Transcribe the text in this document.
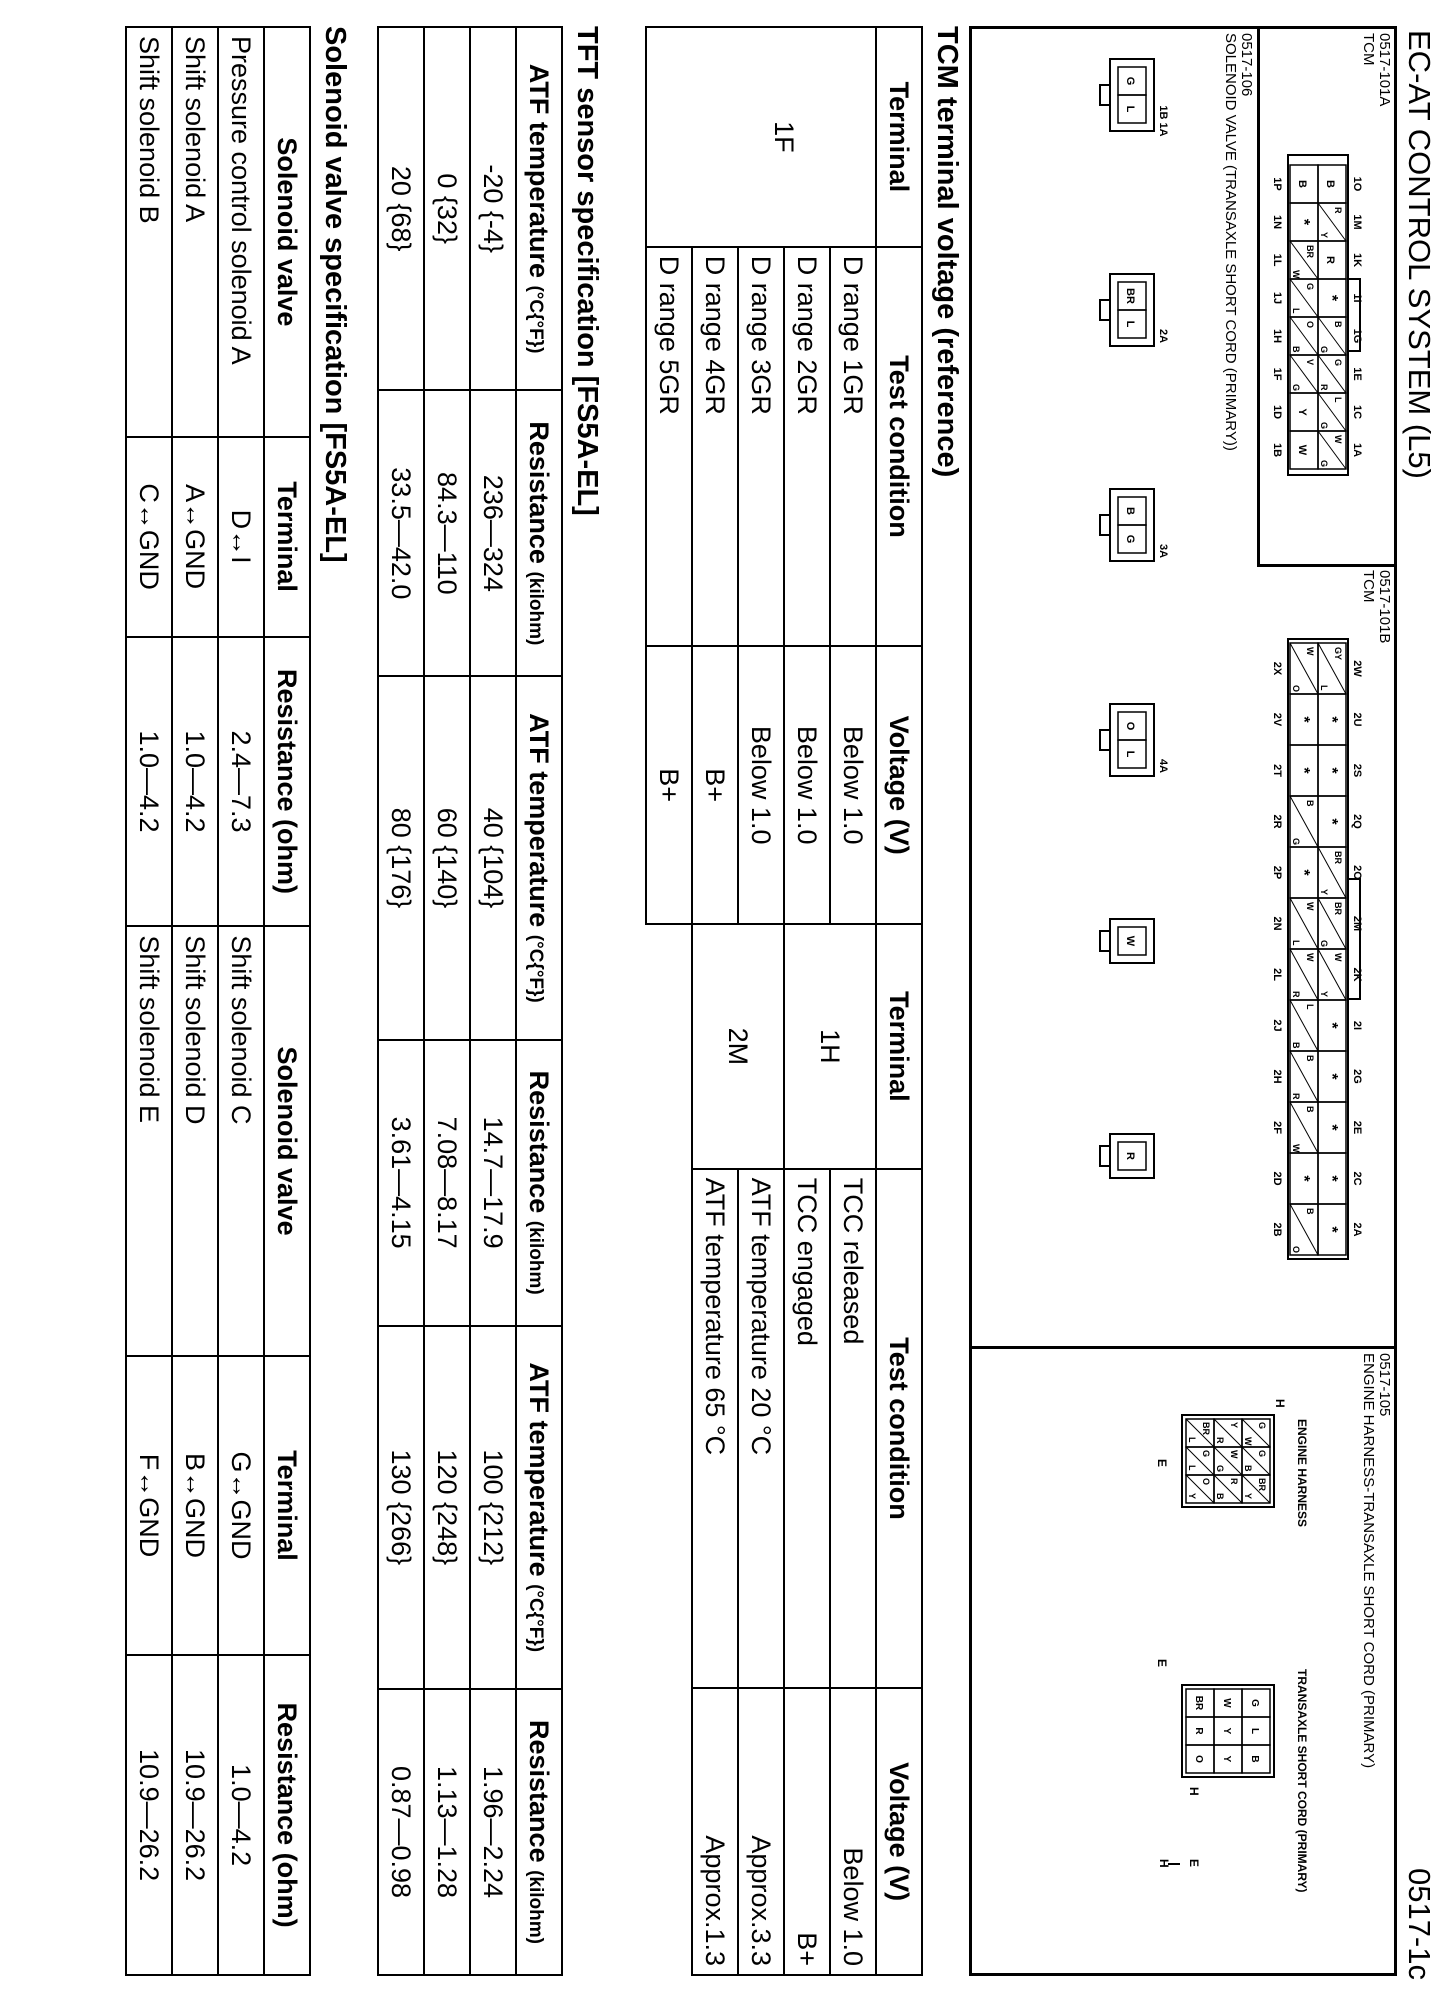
EC-AT CONTROL SYSTEM (L5)
0517-1c
0517-101A
TCM
1O
1M
1K
1I
1G
1E
1C
1A
1P
1N
1L
1J
1H
1F
1D
1B
B
R
Y
R
*
B
G
G
R
L
G
W
G
B
*
BR
W
G
L
O
B
V
G
Y
W
0517-101B
TCM
2W
2U
2S
2Q
2O
2M
2K
2I
2G
2E
2C
2A
2X
2V
2T
2R
2P
2N
2L
2J
2H
2F
2D
2B
GY
L
*
*
*
BR
Y
BR
G
W
Y
*
*
*
*
*
W
O
*
*
B
G
*
W
L
W
R
L
B
B
R
B
W
*
B
O
0517-106
SOLENOID VALVE (TRANSAXLE SHORT CORD (PRIMARY))
G
L 1B 1A
BR
L
2A
B
G
3A
O
L
4A
W
R
0517-105
ENGINE HARNESS-TRANSAXLE SHORT CORD (PRIMARY)
ENGINE HARNESS
TRANSAXLE SHORT CORD (PRIMARY)
G
W
G
B
BR
Y
Y
R
W
G
R
B
BR
L
G
L
O
Y
G
L
B
W
Y
Y
BR
R
O
H
E
E
H
E
H
TCM terminal voltage (reference)
Terminal	Test condition	Voltage (V)	Terminal	Test condition	Voltage (V)
1F	D range 1GR	Below 1.0	1H	TCC released	Below 1.0
	D range 2GR	Below 1.0		TCC engaged	B+
	D range 3GR	Below 1.0	2M	ATF temperature 20 °C	Approx.3.3
	D range 4GR	B+		ATF temperature 65 °C	Approx.1.3
	D range 5GR	B+			
TFT sensor specification [FS5A-EL]
ATF temperature (°C{°F})	Resistance (kilohm)	ATF temperature (°C{°F})	Resistance (kilohm)	ATF temperature (°C{°F})	Resistance (kilohm)
-20 {-4}	236—324	40 {104}	14.7—17.9	100 {212}	1.96—2.24
0 {32}	84.3—110	60 {140}	7.08—8.17	120 {248}	1.13—1.28
20 {68}	33.5—42.0	80 {176}	3.61—4.15	130 {266}	0.87—0.98
Solenoid valve specification [FS5A-EL]
Solenoid valve	Terminal	Resistance (ohm)	Solenoid valve	Terminal	Resistance (ohm)
Pressure control solenoid A	D↔I	2.4—7.3	Shift solenoid C	G↔GND	1.0—4.2
Shift solenoid A	A↔GND	1.0—4.2	Shift solenoid D	B↔GND	10.9—26.2
Shift solenoid B	C↔GND	1.0—4.2	Shift solenoid E	F↔GND	10.9—26.2
